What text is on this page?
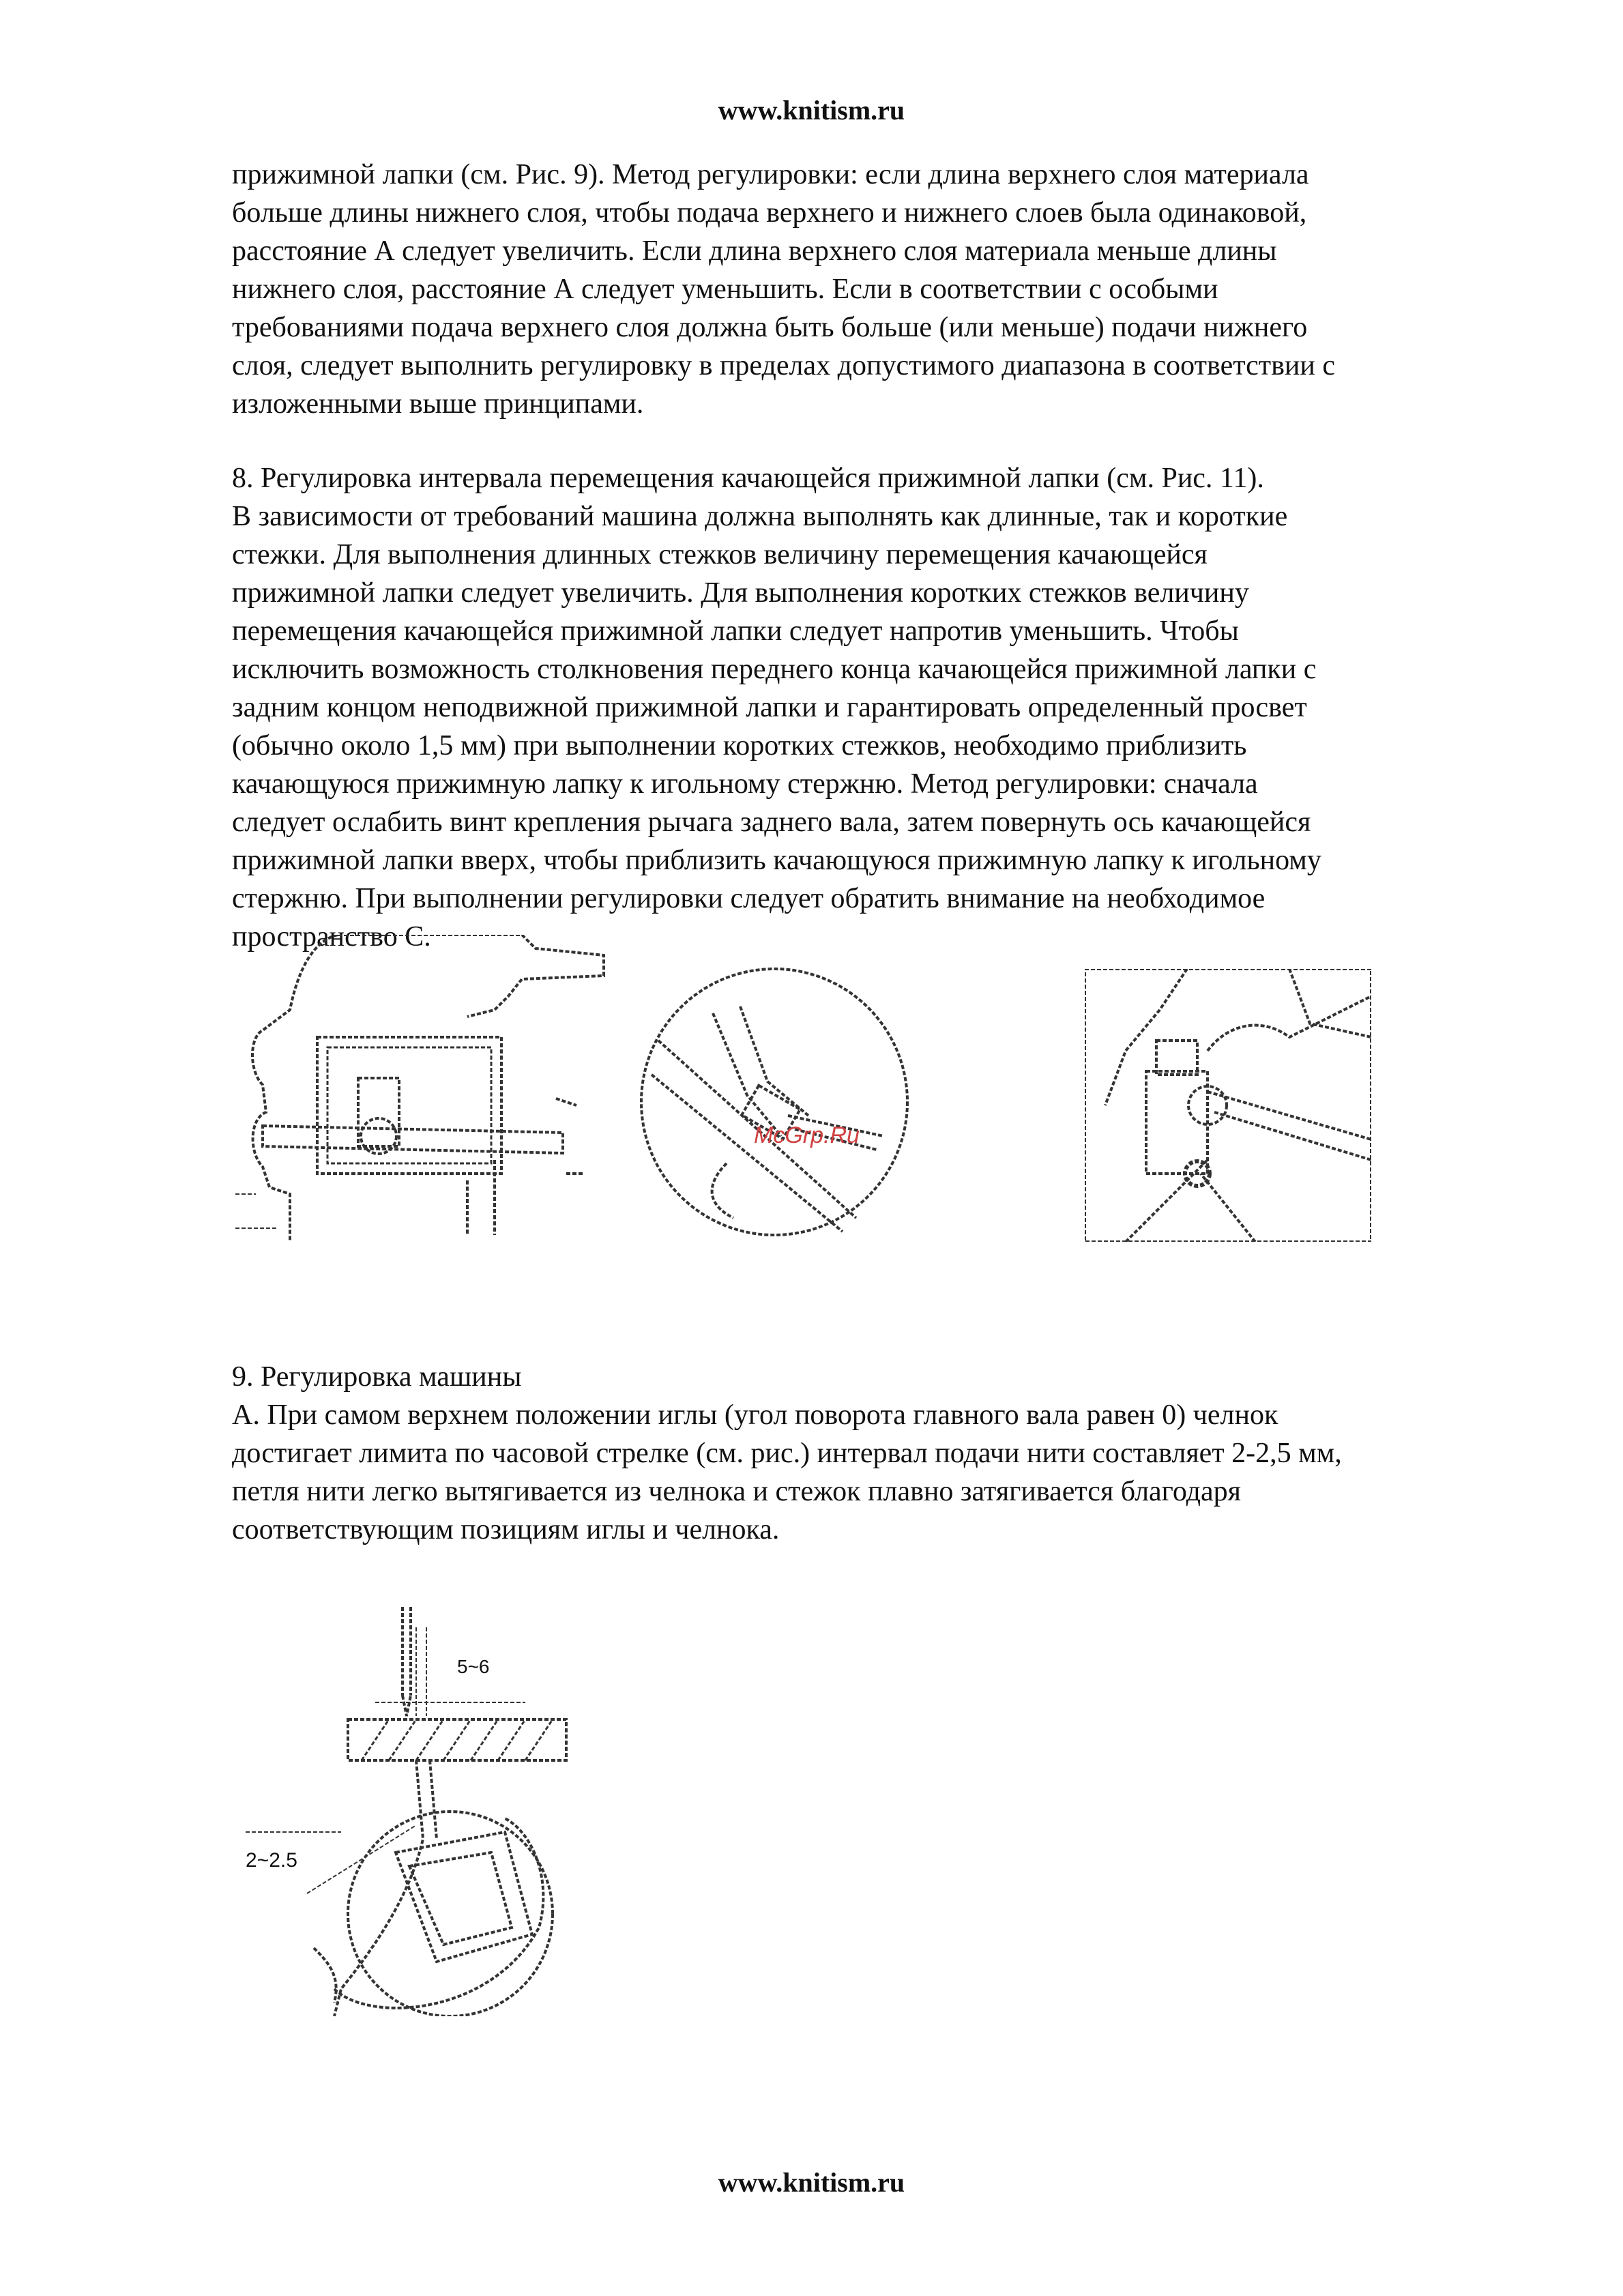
www.knitism.ru
прижимной лапки (см. Рис. 9). Метод регулировки: если длина верхнего слоя материала
больше длины нижнего слоя, чтобы подача верхнего и нижнего слоев была одинаковой,
расстояние А следует увеличить. Если длина верхнего слоя материала меньше длины
нижнего слоя, расстояние А следует уменьшить. Если в соответствии с особыми
требованиями подача верхнего слоя должна быть больше (или меньше) подачи нижнего
слоя, следует выполнить регулировку в пределах допустимого диапазона в соответствии с
изложенными выше принципами.
8. Регулировка интервала перемещения качающейся прижимной лапки (см. Рис. 11).
В зависимости от требований машина должна выполнять как длинные, так и короткие
стежки. Для выполнения длинных стежков величину перемещения качающейся
прижимной лапки следует увеличить. Для выполнения коротких стежков величину
перемещения качающейся прижимной лапки следует напротив уменьшить. Чтобы
исключить возможность столкновения переднего конца качающейся прижимной лапки с
задним концом неподвижной прижимной лапки и гарантировать определенный просвет
(обычно около 1,5 мм) при выполнении коротких стежков, необходимо приблизить
качающуюся прижимную лапку к игольному стержню. Метод регулировки: сначала
следует ослабить винт крепления рычага заднего вала, затем повернуть ось качающейся
прижимной лапки вверх, чтобы приблизить качающуюся прижимную лапку к игольному
стержню. При выполнении регулировки следует обратить внимание на необходимое
пространство С.
McGrp.Ru
9. Регулировка машины
А. При самом верхнем положении иглы (угол поворота главного вала равен 0) челнок
достигает лимита по часовой стрелке (см. рис.) интервал подачи нити составляет 2-2,5 мм,
петля нити легко вытягивается из челнока и стежок плавно затягивается благодаря
соответствующим позициям иглы и челнока.
5~6
2~2.5
www.knitism.ru
